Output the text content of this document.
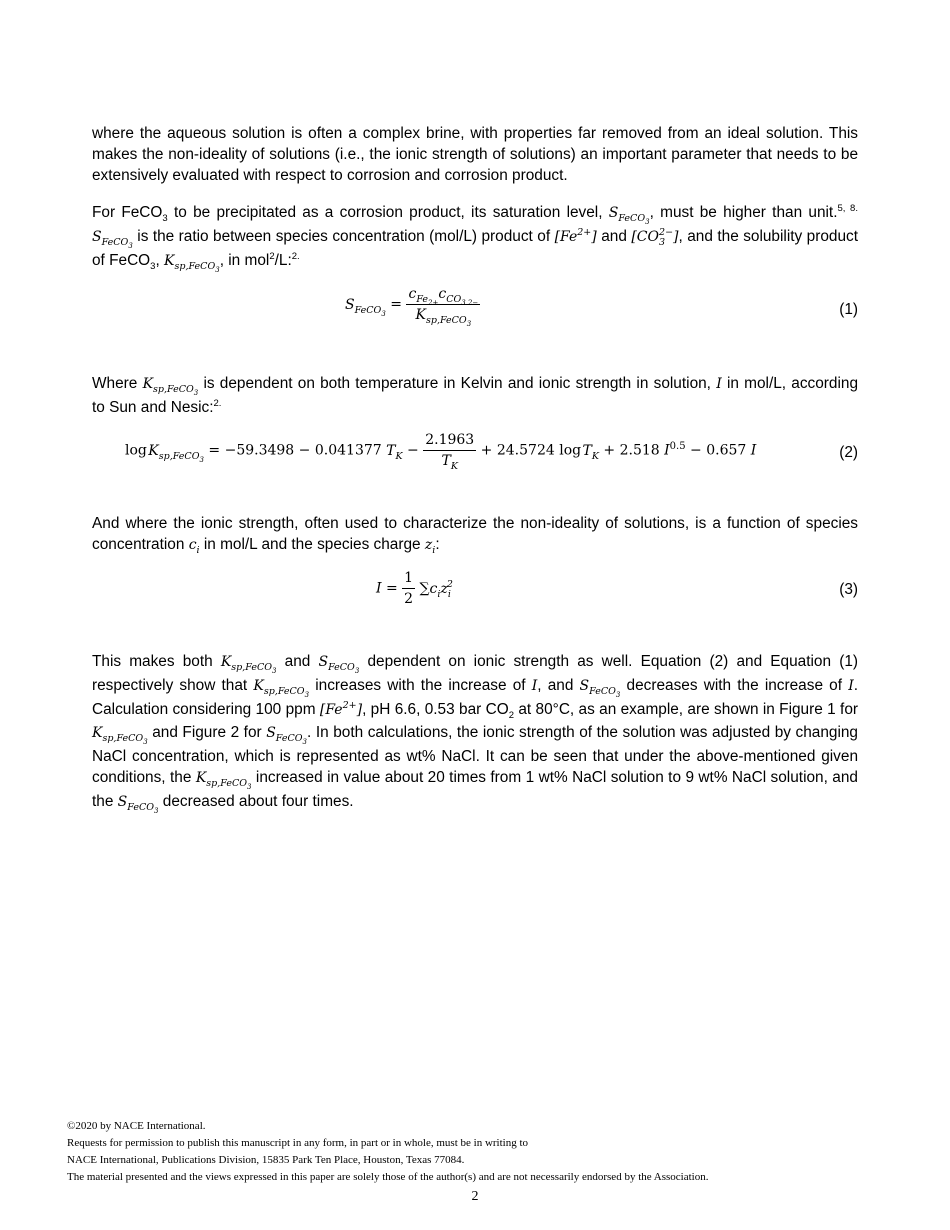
where the aqueous solution is often a complex brine, with properties far removed from an ideal solution. This makes the non-ideality of solutions (i.e., the ionic strength of solutions) an important parameter that needs to be extensively evaluated with respect to corrosion and corrosion product.

For FeCO$_3$ to be precipitated as a corrosion product, its saturation level, $S_{FeCO_3}$, must be higher than unit.$^{5, 8.}$ $S_{FeCO_3}$ is the ratio between species concentration (mol/L) product of $[Fe^{2+}]$ and $[CO_3^{2-}]$, and the solubility product of FeCO$_3$, $K_{sp,FeCO_3}$, in mol$^2$/L:$^{2.}$

$S_{FeCO_3} = \frac{c_{Fe_{2+}}c_{CO_{3 2-}}}{K_{sp,FeCO_3}}$	(1)

Where $K_{sp,FeCO_3}$ is dependent on both temperature in Kelvin and ionic strength in solution, I in mol/L, according to Sun and Nesic:$^{2.}$

log $K_{sp,FeCO_3} = -59.3498 - 0.041377$ $T_K - \frac{2.1963}{T_K} + 24.5724$ log $T_K + 2.518$ $I^{0.5} - 0.657$ I	(2)

And where the ionic strength, often used to characterize the non-ideality of solutions, is a function of species concentration $c_i$ in mol/L and the species charge $z_i$:

$I = \frac{1}{2} \sum c_iz_i^2$	(3)

This makes both $K_{sp,FeCO_3}$ and $S_{FeCO_3}$ dependent on ionic strength as well. Equation (2) and Equation (1) respectively show that $K_{sp,FeCO_3}$ increases with the increase of I, and $S_{FeCO_3}$ decreases with the increase of I. Calculation considering 100 ppm $[Fe^{2+}]$, pH 6.6, 0.53 bar $CO_2$ at 80°C, as an example, are shown in Figure 1 for $K_{sp,FeCO_3}$ and Figure 2 for $S_{FeCO_3}$. In both calculations, the ionic strength of the solution was adjusted by changing NaCl concentration, which is represented as wt% NaCl. It can be seen that under the above-mentioned given conditions, the $K_{sp,FeCO_3}$ increased in value about 20 times from 1 wt% NaCl solution to 9 wt% NaCl solution, and the $S_{FeCO_3}$ decreased about four times.

©2020 by NACE International.
Requests for permission to publish this manuscript in any form, in part or in whole, must be in writing to
NACE International, Publications Division, 15835 Park Ten Place, Houston, Texas 77084.
The material presented and the views expressed in this paper are solely those of the author(s) and are not necessarily endorsed by the Association.
2
